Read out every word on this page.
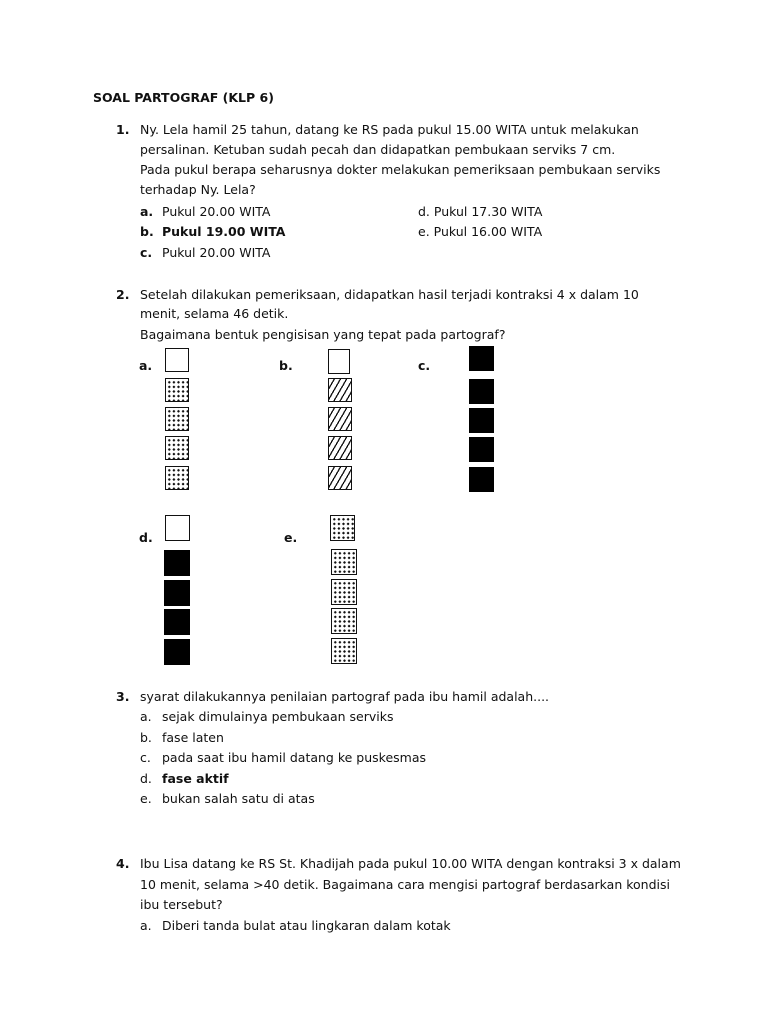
SOAL PARTOGRAF (KLP 6)
1. Ny. Lela hamil 25 tahun, datang ke RS pada pukul 15.00 WITA untuk melakukan
persalinan. Ketuban sudah pecah dan didapatkan pembukaan serviks 7 cm.
Pada pukul berapa seharusnya dokter melakukan pemeriksaan pembukaan serviks
terhadap Ny. Lela?
a. Pukul 20.00 WITA
b. Pukul 19.00 WITA
c. Pukul 20.00 WITA
d. Pukul 17.30 WITA
e. Pukul 16.00 WITA
2. Setelah dilakukan pemeriksaan, didapatkan hasil terjadi kontraksi 4 x dalam 10
menit, selama 46 detik.
Bagaimana bentuk pengisisan yang tepat pada partograf?
a.	b.	c.
d.	e.
3. syarat dilakukannya penilaian partograf pada ibu hamil adalah....
a. sejak dimulainya pembukaan serviks
b. fase laten
c. pada saat ibu hamil datang ke puskesmas
d. fase aktif
e. bukan salah satu di atas
4. Ibu Lisa datang ke RS St. Khadijah pada pukul 10.00 WITA dengan kontraksi 3 x dalam
10 menit, selama >40 detik. Bagaimana cara mengisi partograf berdasarkan kondisi
ibu tersebut?
a. Diberi tanda bulat atau lingkaran dalam kotak
